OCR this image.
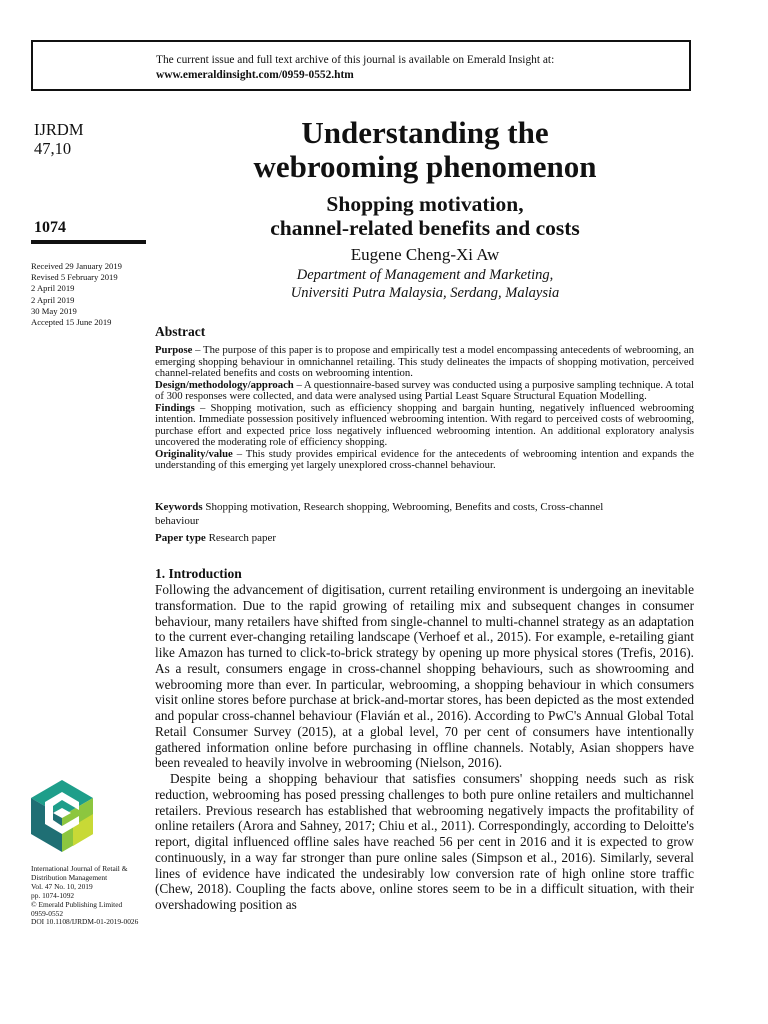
The current issue and full text archive of this journal is available on Emerald Insight at:
www.emeraldinsight.com/0959-0552.htm
IJRDM
47,10
1074
Received 29 January 2019
Revised 5 February 2019
2 April 2019
2 April 2019
30 May 2019
Accepted 15 June 2019
Understanding the
webrooming phenomenon
Shopping motivation,
channel-related benefits and costs
Eugene Cheng-Xi Aw
Department of Management and Marketing,
Universiti Putra Malaysia, Serdang, Malaysia
Abstract

Purpose – The purpose of this paper is to propose and empirically test a model encompassing antecedents of webrooming, an emerging shopping behaviour in omnichannel retailing. This study delineates the impacts of shopping motivation, perceived channel-related benefits and costs on webrooming intention.

Design/methodology/approach – A questionnaire-based survey was conducted using a purposive sampling technique. A total of 300 responses were collected, and data were analysed using Partial Least Square Structural Equation Modelling.

Findings – Shopping motivation, such as efficiency shopping and bargain hunting, negatively influenced webrooming intention. Immediate possession positively influenced webrooming intention. With regard to perceived costs of webrooming, purchase effort and expected price loss negatively influenced webrooming intention. An additional exploratory analysis uncovered the moderating role of efficiency shopping.

Originality/value – This study provides empirical evidence for the antecedents of webrooming intention and expands the understanding of this emerging yet largely unexplored cross-channel behaviour.

Keywords Shopping motivation, Research shopping, Webrooming, Benefits and costs, Cross-channel behaviour
Paper type Research paper
1. Introduction

Following the advancement of digitisation, current retailing environment is undergoing an inevitable transformation. Due to the rapid growing of retailing mix and subsequent changes in consumer behaviour, many retailers have shifted from single-channel to multi-channel strategy as an adaptation to the current ever-changing retailing landscape (Verhoef et al., 2015). For example, e-retailing giant like Amazon has turned to click-to-brick strategy by opening up more physical stores (Trefis, 2016). As a result, consumers engage in cross-channel shopping behaviours, such as showrooming and webrooming more than ever. In particular, webrooming, a shopping behaviour in which consumers visit online stores before purchase at brick-and-mortar stores, has been depicted as the most extended and popular cross-channel behaviour (Flavián et al., 2016). According to PwC's Annual Global Total Retail Consumer Survey (2015), at a global level, 70 per cent of consumers have intentionally gathered information online before purchasing in offline channels. Notably, Asian shoppers have been revealed to heavily involve in webrooming (Nielson, 2016).

Despite being a shopping behaviour that satisfies consumers' shopping needs such as risk reduction, webrooming has posed pressing challenges to both pure online retailers and multichannel retailers. Previous research has established that webrooming negatively impacts the profitability of online retailers (Arora and Sahney, 2017; Chiu et al., 2011). Correspondingly, according to Deloitte's report, digital influenced offline sales have reached 56 per cent in 2016 and it is expected to grow continuously, in a way far stronger than pure online sales (Simpson et al., 2016). Similarly, several lines of evidence have indicated the undesirably low conversion rate of high online store traffic (Chew, 2018). Coupling the facts above, online stores seem to be in a difficult situation, with their overshadowing position as

International Journal of Retail &
Distribution Management
Vol. 47 No. 10, 2019
pp. 1074-1092
© Emerald Publishing Limited
0959-0552
DOI 10.1108/IJRDM-01-2019-0026
